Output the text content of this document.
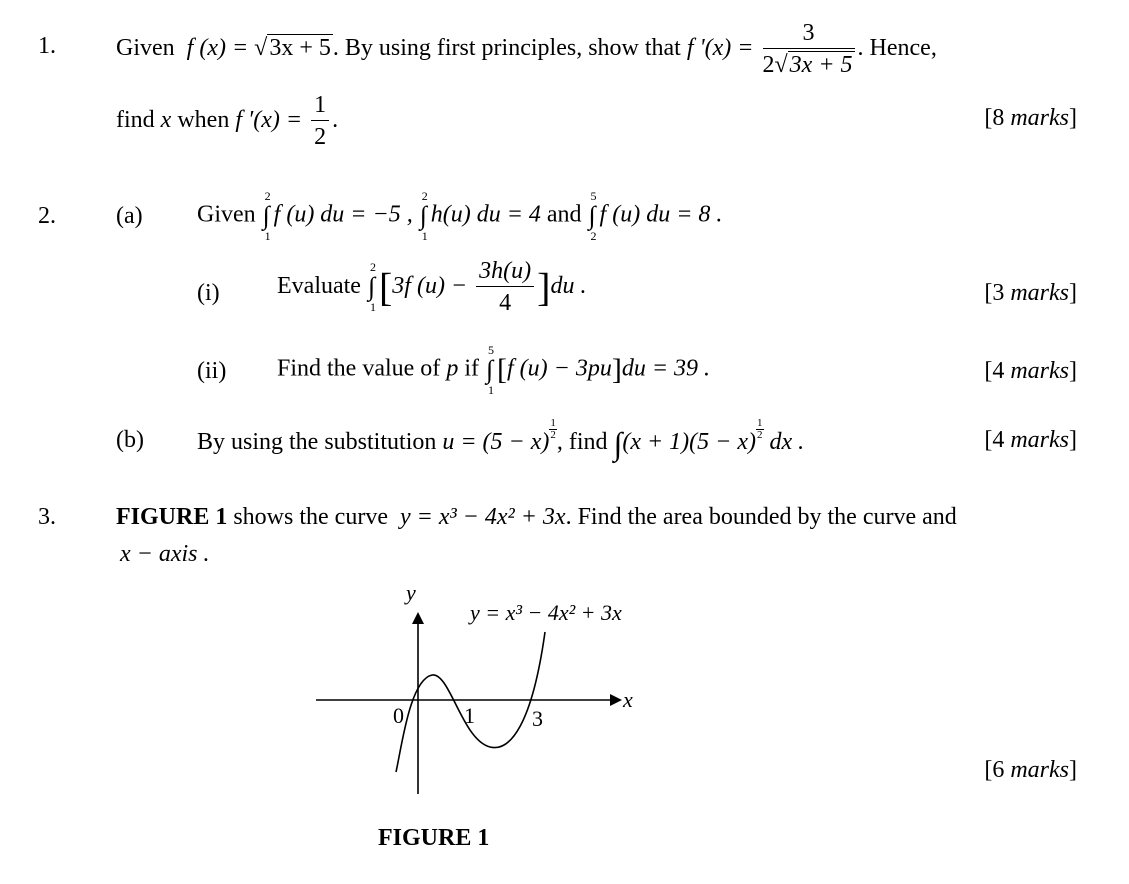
1.	Given f (x) = √3x + 5. By using first principles, show that f '$(x) = \frac{3}{2√3x + 5}$ . Hence,
find x when f $'(x) = \frac{1}{2}$ .	[8 marks]
2.	(a) Given
2
∫
1
f (u) du = −5 ,
2
∫
1
h(u) du = 4 and
5
∫
2
f (u) du = 8 .
(i) Evaluate
2
∫
1 [3f $(u) - \frac{3h(u)}{4} ]du$ .	[3 marks]
(ii) Find the value of p if
5
∫
1
[f (u) − 3pu]du = 39 .	[4 marks]
(b) By using the substitution $u = (5 - x) \frac{1}{2}$ , find $\int(x + 1)(5 - x) \frac{1}{2}$ dx .	[4 marks]
3.	FIGURE 1 shows the curve y = x³ − 4x² + 3x. Find the area bounded by the curve and
x − axis .
y
x
y = x³ − 4x² + 3x
0	1	3
[6 marks]
FIGURE 1
